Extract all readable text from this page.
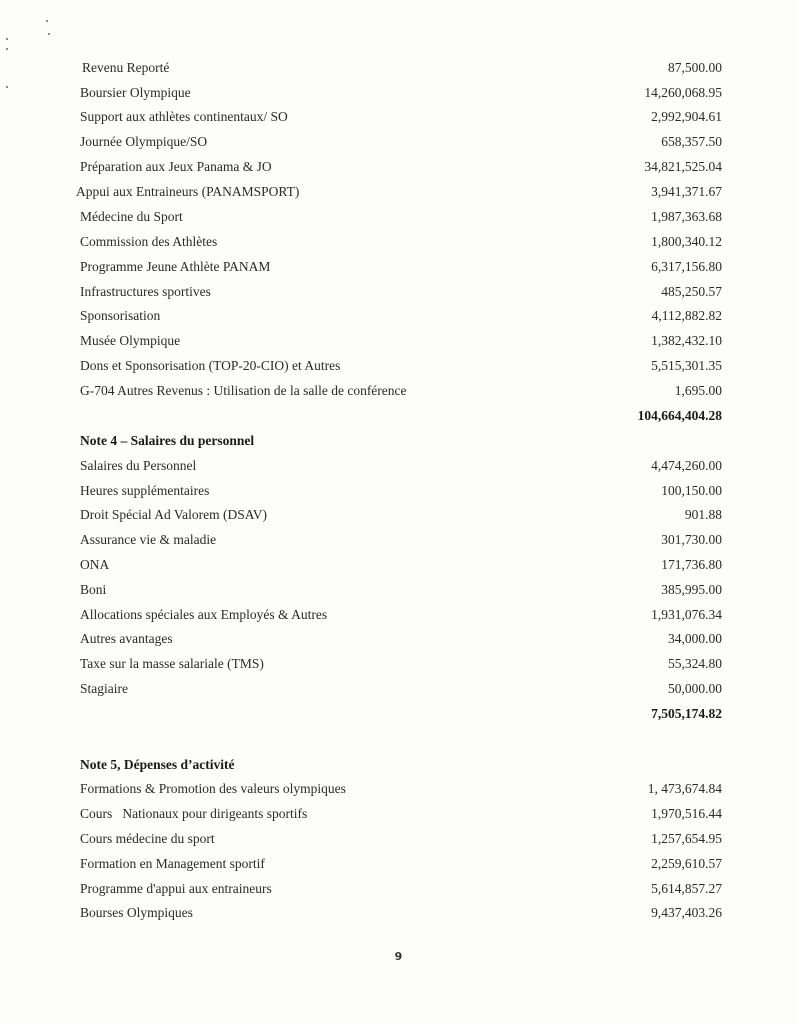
Revenu Reporté	87,500.00
Boursier Olympique	14,260,068.95
Support aux athlètes continentaux/ SO	2,992,904.61
Journée Olympique/SO	658,357.50
Préparation aux Jeux Panama & JO	34,821,525.04
Appui aux Entraineurs (PANAMSPORT)	3,941,371.67
Médecine du Sport	1,987,363.68
Commission des Athlètes	1,800,340.12
Programme Jeune Athlète PANAM	6,317,156.80
Infrastructures sportives	485,250.57
Sponsorisation	4,112,882.82
Musée Olympique	1,382,432.10
Dons et Sponsorisation (TOP-20-CIO) et Autres	5,515,301.35
G-704 Autres Revenus : Utilisation de la salle de conférence	1,695.00
104,664,404.28
Note 4 – Salaires du personnel
Salaires du Personnel	4,474,260.00
Heures supplémentaires	100,150.00
Droit Spécial Ad Valorem (DSAV)	901.88
Assurance vie & maladie	301,730.00
ONA	171,736.80
Boni	385,995.00
Allocations spéciales aux Employés & Autres	1,931,076.34
Autres avantages	34,000.00
Taxe sur la masse salariale (TMS)	55,324.80
Stagiaire	50,000.00
7,505,174.82
Note 5, Dépenses d’activité
Formations & Promotion des valeurs olympiques	1, 473,674.84
Cours   Nationaux pour dirigeants sportifs	1,970,516.44
Cours médecine du sport	1,257,654.95
Formation en Management sportif	2,259,610.57
Programme d'appui aux entraineurs	5,614,857.27
Bourses Olympiques	9,437,403.26
9
